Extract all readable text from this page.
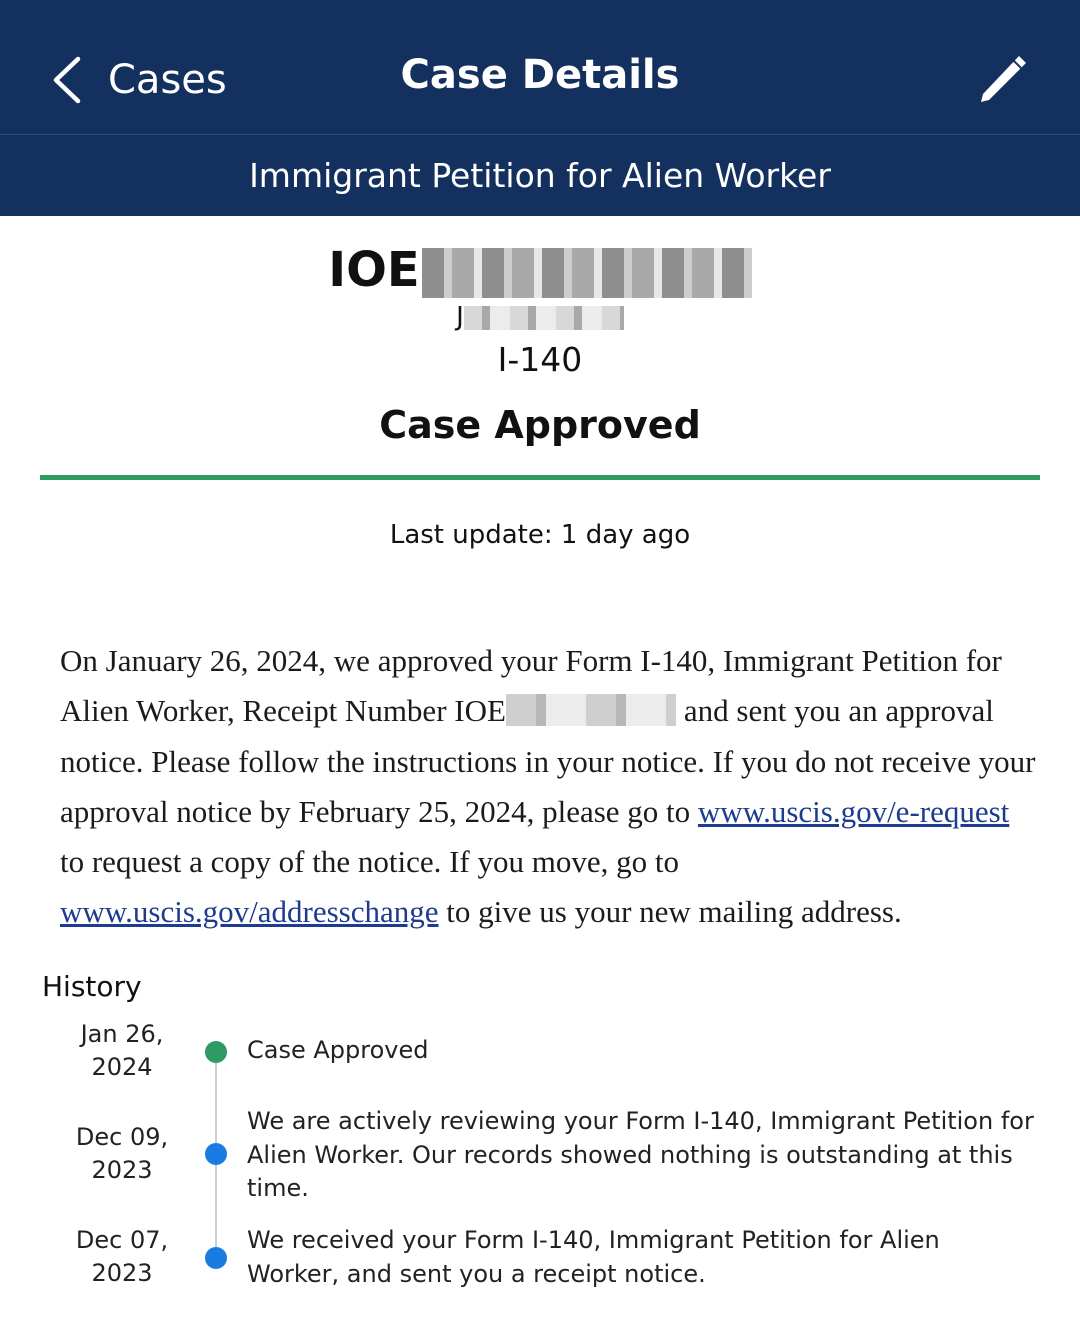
Cases	Case Details
Immigrant Petition for Alien Worker
IOE
J
I-140
Case Approved
Last update: 1 day ago

On January 26, 2024, we approved your Form I-140, Immigrant Petition for Alien Worker, Receipt Number IOE	and sent you an approval notice. Please follow the instructions in your notice. If you do not receive your approval notice by February 25, 2024, please go to www.uscis.gov/e-request to request a copy of the notice. If you move, go to www.uscis.gov/addresschange to give us your new mailing address.

History
Jan 26, 2024
Case Approved
Dec 09, 2023
We are actively reviewing your Form I-140, Immigrant Petition for Alien Worker. Our records showed nothing is outstanding at this time.
Dec 07, 2023
We received your Form I-140, Immigrant Petition for Alien Worker, and sent you a receipt notice.
